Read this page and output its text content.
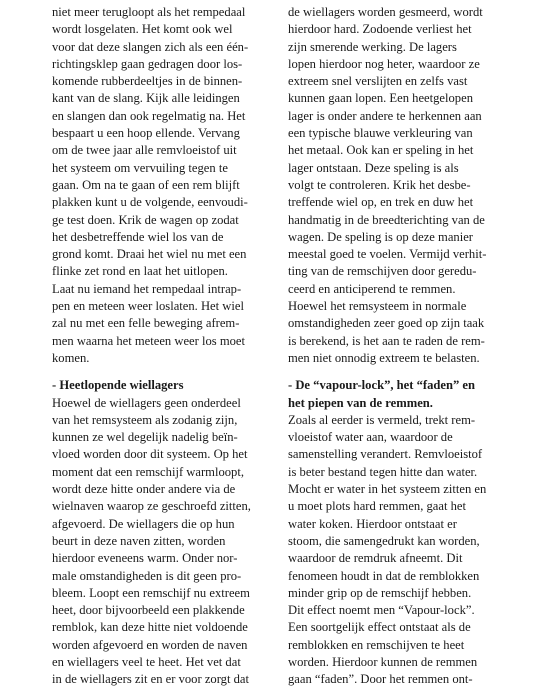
niet meer terugloopt als het rempedaal
wordt losgelaten. Het komt ook wel
voor dat deze slangen zich als een één-
richtingsklep gaan gedragen door los-
komende rubberdeeltjes in de binnen-
kant van de slang. Kijk alle leidingen
en slangen dan ook regelmatig na. Het
bespaart u een hoop ellende. Vervang
om de twee jaar alle remvloeistof uit
het systeem om vervuiling tegen te
gaan. Om na te gaan of een rem blijft
plakken kunt u de volgende, eenvoudi-
ge test doen. Krik de wagen op zodat
het desbetreffende wiel los van de
grond komt. Draai het wiel nu met een
flinke zet rond en laat het uitlopen.
Laat nu iemand het rempedaal intrap-
pen en meteen weer loslaten. Het wiel
zal nu met een felle beweging afrem-
men waarna het meteen weer los moet
komen.
- Heetlopende wiellagers
Hoewel de wiellagers geen onderdeel
van het remsysteem als zodanig zijn,
kunnen ze wel degelijk nadelig beïn-
vloed worden door dit systeem. Op het
moment dat een remschijf warmloopt,
wordt deze hitte onder andere via de
wielnaven waarop ze geschroefd zitten,
afgevoerd. De wiellagers die op hun
beurt in deze naven zitten, worden
hierdoor eveneens warm. Onder nor-
male omstandigheden is dit geen pro-
bleem. Loopt een remschijf nu extreem
heet, door bijvoorbeeld een plakkende
remblok, kan deze hitte niet voldoende
worden afgevoerd en worden de naven
en wiellagers veel te heet. Het vet dat
in de wiellagers zit en er voor zorgt dat
de wiellagers worden gesmeerd, wordt
hierdoor hard. Zodoende verliest het
zijn smerende werking. De lagers
lopen hierdoor nog heter, waardoor ze
extreem snel verslijten en zelfs vast
kunnen gaan lopen. Een heetgelopen
lager is onder andere te herkennen aan
een typische blauwe verkleuring van
het metaal. Ook kan er speling in het
lager ontstaan. Deze speling is als
volgt te controleren. Krik het desbe-
treffende wiel op, en trek en duw het
handmatig in de breedterichting van de
wagen. De speling is op deze manier
meestal goed te voelen. Vermijd verhit-
ting van de remschijven door geredu-
ceerd en anticiperend te remmen.
Hoewel het remsysteem in normale
omstandigheden zeer goed op zijn taak
is berekend, is het aan te raden de rem-
men niet onnodig extreem te belasten.
- De “vapour-lock”, het “faden” en
het piepen van de remmen.
Zoals al eerder is vermeld, trekt rem-
vloeistof water aan, waardoor de
samenstelling verandert. Remvloeistof
is beter bestand tegen hitte dan water.
Mocht er water in het systeem zitten en
u moet plots hard remmen, gaat het
water koken. Hierdoor ontstaat er
stoom, die samengedrukt kan worden,
waardoor de remdruk afneemt. Dit
fenomeen houdt in dat de remblokken
minder grip op de remschijf hebben.
Dit effect noemt men “Vapour-lock”.
Een soortgelijk effect ontstaat als de
remblokken en remschijven te heet
worden. Hierdoor kunnen de remmen
gaan “faden”. Door het remmen ont-
